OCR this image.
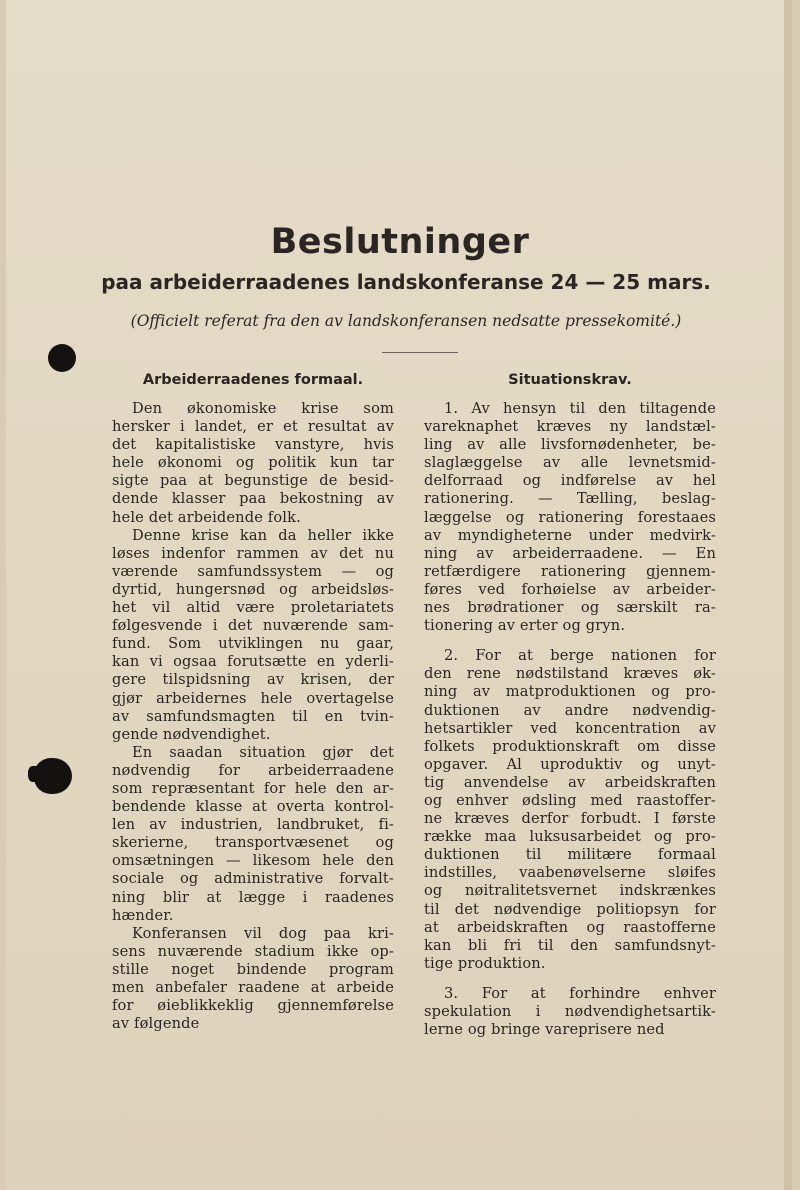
Beslutninger
paa arbeiderraadenes landskonferanse 24 — 25 mars.
(Officielt referat fra den av landskonferansen nedsatte pressekomité.)
Arbeiderraadenes formaal.
Den økonomiske krise som
hersker i landet, er et resultat av
det kapitalistiske vanstyre, hvis
hele økonomi og politik kun tar
sigte paa at begunstige de besid-
dende klasser paa bekostning av
hele det arbeidende folk.
Denne krise kan da heller ikke
løses indenfor rammen av det nu
værende samfundssystem — og
dyrtid, hungersnød og arbeidsløs-
het vil altid være proletariatets
følgesvende i det nuværende sam-
fund. Som utviklingen nu gaar,
kan vi ogsaa forutsætte en yderli-
gere tilspidsning av krisen, der
gjør arbeidernes hele overtagelse
av samfundsmagten til en tvin-
gende nødvendighet.
En saadan situation gjør det
nødvendig for arbeiderraadene
som repræsentant for hele den ar-
bendende klasse at overta kontrol-
len av industrien, landbruket, fi-
skerierne, transportvæsenet og
omsætningen — likesom hele den
sociale og administrative forvalt-
ning blir at lægge i raadenes
hænder.
Konferansen vil dog paa kri-
sens nuværende stadium ikke op-
stille noget bindende program
men anbefaler raadene at arbeide
for øieblikkeklig gjennemførelse
av følgende
Situationskrav.
1. Av hensyn til den tiltagende
vareknaphet kræves ny landstæl-
ling av alle livsfornødenheter, be-
slaglæggelse av alle levnetsmid-
delforraad og indførelse av hel
rationering. — Tælling, beslag-
læggelse og rationering forestaaes
av myndigheterne under medvirk-
ning av arbeiderraadene. — En
retfærdigere rationering gjennem-
føres ved forhøielse av arbeider-
nes brødrationer og særskilt ra-
tionering av erter og gryn.
2. For at berge nationen for
den rene nødstilstand kræves øk-
ning av matproduktionen og pro-
duktionen av andre nødvendig-
hetsartikler ved koncentration av
folkets produktionskraft om disse
opgaver. Al uproduktiv og unyt-
tig anvendelse av arbeidskraften
og enhver ødsling med raastoffer-
ne kræves derfor forbudt. I første
række maa luksusarbeidet og pro-
duktionen til militære formaal
indstilles, vaabenøvelserne sløifes
og nøitralitetsvernet indskrænkes
til det nødvendige politiopsyn for
at arbeidskraften og raastofferne
kan bli fri til den samfundsnyt-
tige produktion.
3. For at forhindre enhver
spekulation i nødvendighetsartik-
lerne og bringe vareprisere ned
